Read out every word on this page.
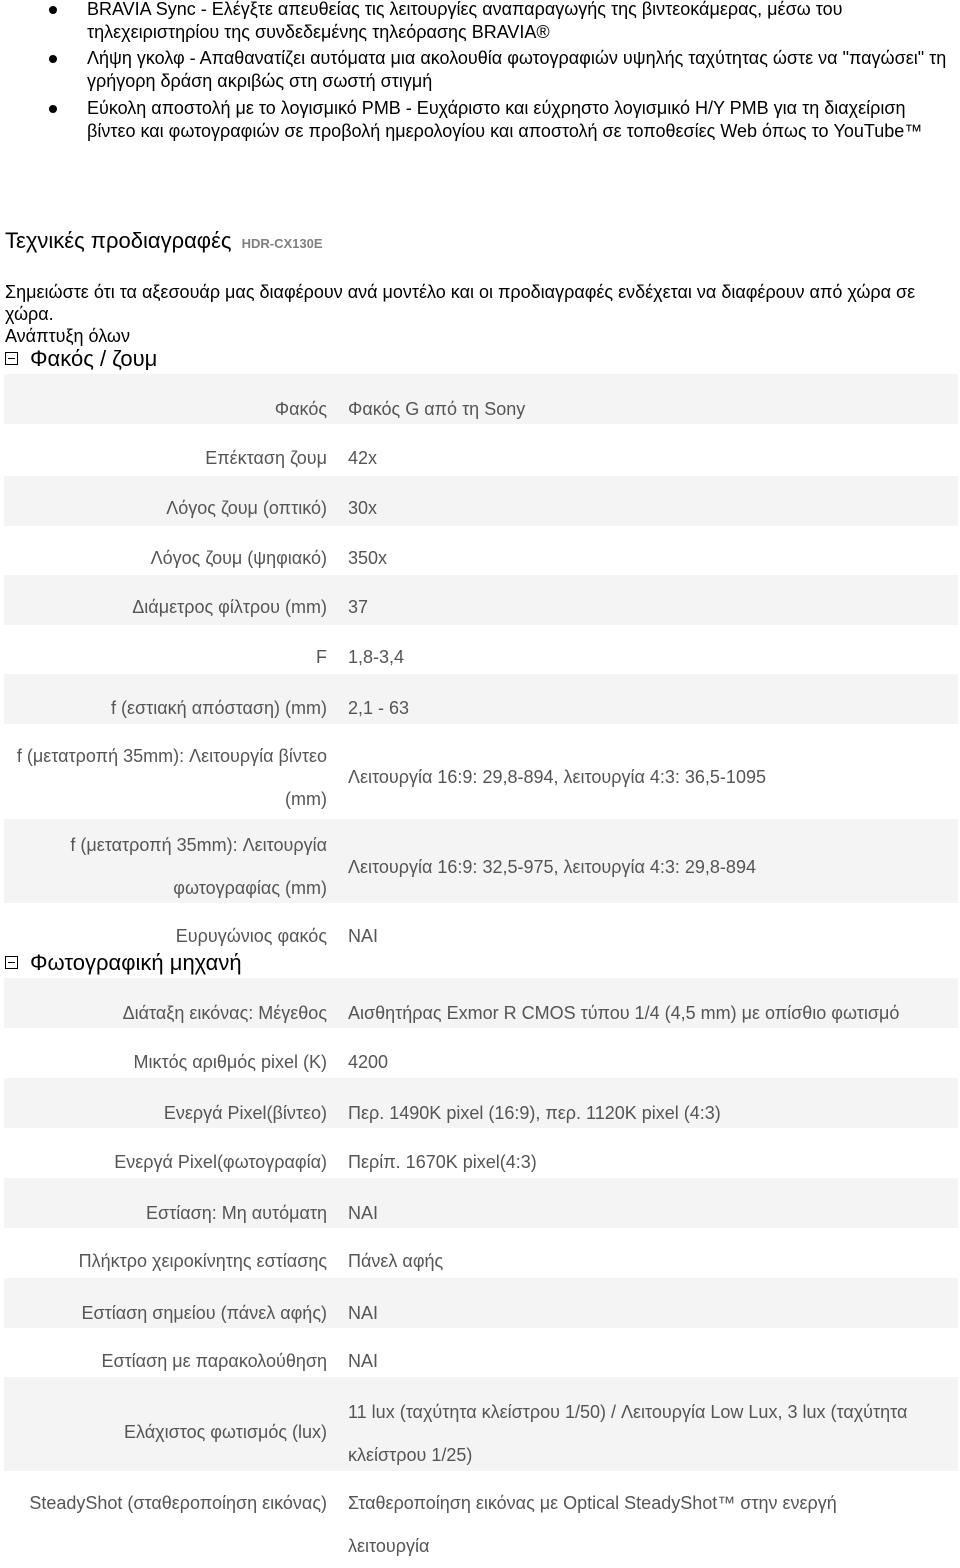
BRAVIA Sync - Ελέγξτε απευθείας τις λειτουργίες αναπαραγωγής της βιντεοκάμερας, μέσω του τηλεχειριστηρίου της συνδεδεμένης τηλεόρασης BRAVIA®
Λήψη γκολφ - Απαθανατίζει αυτόματα μια ακολουθία φωτογραφιών υψηλής ταχύτητας ώστε να "παγώσει" τη γρήγορη δράση ακριβώς στη σωστή στιγμή
Εύκολη αποστολή με το λογισμικό PMB - Ευχάριστο και εύχρηστο λογισμικό Η/Υ PMB για τη διαχείριση βίντεο και φωτογραφιών σε προβολή ημερολογίου και αποστολή σε τοποθεσίες Web όπως το YouTube™
Τεχνικές προδιαγραφές HDR-CX130E
Σημειώστε ότι τα αξεσουάρ μας διαφέρουν ανά μοντέλο και οι προδιαγραφές ενδέχεται να διαφέρουν από χώρα σε χώρα.
Ανάπτυξη όλων
Φακός / ζουμ
Φακός Φακός G από τη Sony
Επέκταση ζουμ 42x
Λόγος ζουμ (οπτικό) 30x
Λόγος ζουμ (ψηφιακό) 350x
Διάμετρος φίλτρου (mm) 37
F 1,8-3,4
f (εστιακή απόσταση) (mm) 2,1 - 63
f (μετατροπή 35mm): Λειτουργία βίντεο (mm)
Λειτουργία 16:9: 29,8-894, λειτουργία 4:3: 36,5-1095
f (μετατροπή 35mm): Λειτουργία φωτογραφίας (mm)
Λειτουργία 16:9: 32,5-975, λειτουργία 4:3: 29,8-894
Ευρυγώνιος φακός ΝΑΙ
Φωτογραφική μηχανή
Διάταξη εικόνας: Μέγεθος Αισθητήρας Exmor R CMOS τύπου 1/4 (4,5 mm) με οπίσθιο φωτισμό
Μικτός αριθμός pixel (K) 4200
Ενεργά Pixel(βίντεο) Περ. 1490K pixel (16:9), περ. 1120K pixel (4:3)
Ενεργά Pixel(φωτογραφία) Περίπ. 1670K pixel(4:3)
Εστίαση: Μη αυτόματη ΝΑΙ
Πλήκτρο χειροκίνητης εστίασης Πάνελ αφής
Εστίαση σημείου (πάνελ αφής) ΝΑΙ
Εστίαση με παρακολούθηση ΝΑΙ
Ελάχιστος φωτισμός (lux)
11 lux (ταχύτητα κλείστρου 1/50) / Λειτουργία Low Lux, 3 lux (ταχύτητα κλείστρου 1/25)
SteadyShot (σταθεροποίηση εικόνας) Σταθεροποίηση εικόνας με Optical SteadyShot™ στην ενεργή λειτουργία
